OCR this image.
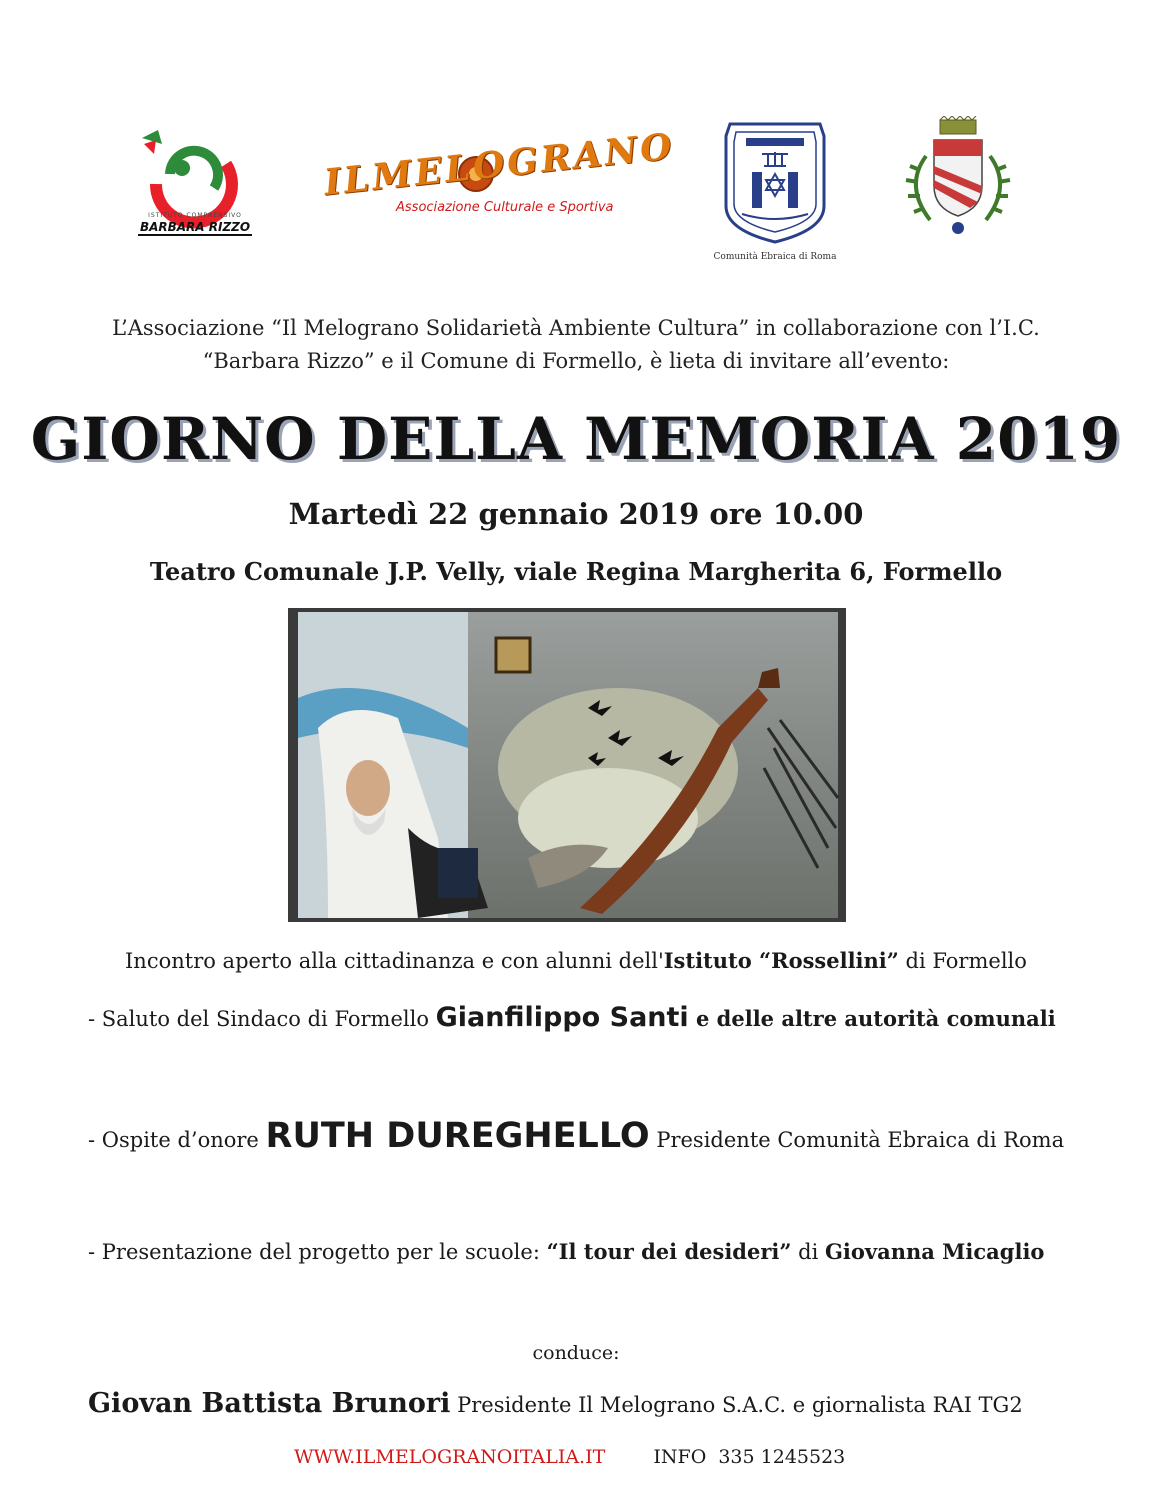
ISTITUTO COMPRENSIVO
BARBARA RIZZO
ILMELOGRANO
Associazione Culturale e Sportiva
Comunità Ebraica di Roma
L’Associazione “Il Melograno Solidarietà Ambiente Cultura” in collaborazione con l’I.C.
“Barbara Rizzo” e il Comune di Formello, è lieta di invitare all’evento:
GIORNO DELLA MEMORIA 2019
Martedì 22 gennaio 2019 ore 10.00
Teatro Comunale J.P. Velly, viale Regina Margherita 6, Formello
Incontro aperto alla cittadinanza e con alunni dell'Istituto “Rossellini” di Formello
- Saluto del Sindaco di Formello Gianfilippo Santi e delle altre autorità comunali
- Ospite d’onore RUTH DUREGHELLO Presidente Comunità Ebraica di Roma
- Presentazione del progetto per le scuole: “Il tour dei desideri” di Giovanna Micaglio
conduce:
Giovan Battista Brunori Presidente Il Melograno S.A.C. e giornalista RAI TG2
WWW.ILMELOGRANOITALIA.IT	INFO  335 1245523
